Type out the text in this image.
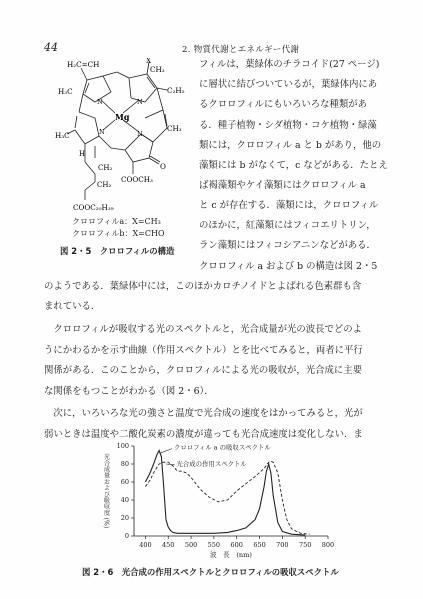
44	2. 物質代謝とエネルギー代謝
H₂C=CH	X
H₃C
CH₃
C₂H₅
H₃C
CH₃
H
Mg
N	N
N	N
O
COOCH₃
CH₂
CH₂
COOC₂₀H₃₉
クロロフィルa：X=CH₃
クロロフィルb：X=CHO
図 2・5　クロロフィルの構造
フィルは，葉緑体のチラコイド(27 ページ)
に層状に結びついているが，葉緑体内にあ
るクロロフィルにもいろいろな種類があ
る．種子植物・シダ植物・コケ植物・緑藻
類には，クロロフィル a と b があり，他の
藻類には b がなくて，c などがある．たとえ
ば褐藻類やケイ藻類にはクロロフィル a
と c が存在する．藻類には，クロロフィル
のほかに，紅藻類にはフィコエリトリン，
ラン藻類にはフィコシアニンなどがある．
クロロフィル a および b の構造は図 2・5
のようである．葉緑体中には，このほかカロチノイドとよばれる色素群も含
まれている．
　クロロフィルが吸収する光のスペクトルと，光合成量が光の波長でどのよ
うにかわるかを示す曲線（作用スペクトル）とを比べてみると，両者に平行
関係がある．このことから，クロロフィルによる光の吸収が，光合成に主要
な関係をもつことがわかる（図 2・6）．
　次に，いろいろな光の強さと温度で光合成の速度をはかってみると，光が
弱いときは温度や二酸化炭素の濃度が違っても光合成速度は変化しない．ま
400 450 500 550 600 650 700 750 800
0
20
40
60
80
100	クロロフィル a の吸収スペクトル
光合成の作用スペクトル
光合成量および吸収度 (%)
波　長　(nm)
図 2・6　光合成の作用スペクトルとクロロフィルの吸収スペクトル
